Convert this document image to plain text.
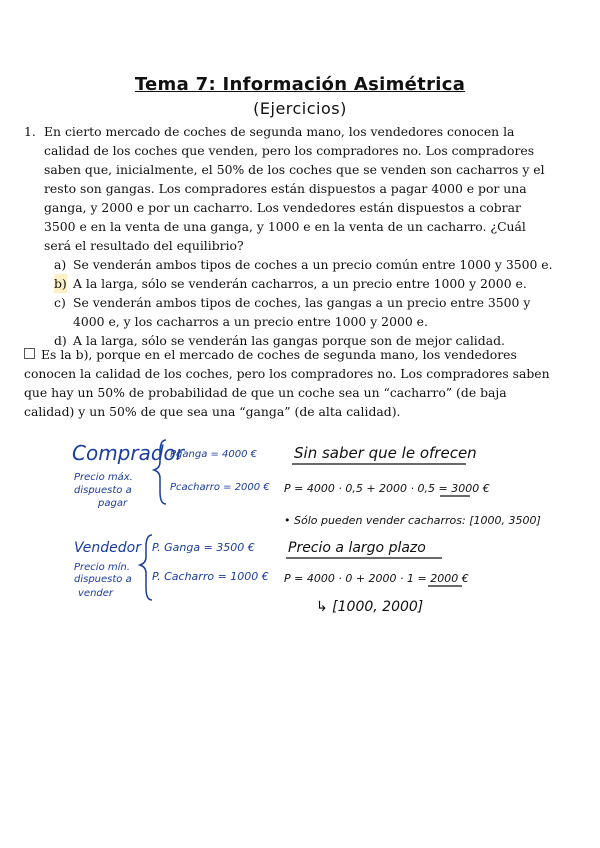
Tema 7: Información Asimétrica
(Ejercicios)
1. En cierto mercado de coches de segunda mano, los vendedores conocen la calidad de los coches que venden, pero los compradores no. Los compradores saben que, inicialmente, el 50% de los coches que se venden son cacharros y el resto son gangas. Los compradores están dispuestos a pagar 4000 e por una ganga, y 2000 e por un cacharro. Los vendedores están dispuestos a cobrar 3500 e en la venta de una ganga, y 1000 e en la venta de un cacharro. ¿Cuál será el resultado del equilibrio?
a) Se venderán ambos tipos de coches a un precio común entre 1000 y 3500 e.
b) A la larga, sólo se venderán cacharros, a un precio entre 1000 y 2000 e.
c) Se venderán ambos tipos de coches, las gangas a un precio entre 3500 y 4000 e, y los cacharros a un precio entre 1000 y 2000 e.
d) A la larga, sólo se venderán las gangas porque son de mejor calidad.
Es la b), porque en el mercado de coches de segunda mano, los vendedores conocen la calidad de los coches, pero los compradores no. Los compradores saben que hay un 50% de probabilidad de que un coche sea un “cacharro” (de baja calidad) y un 50% de que sea una “ganga” (de alta calidad).
Comprador
Precio máx.
dispuesto a
pagar
Pganga = 4000 €
Pcacharro = 2000 €
Vendedor
Precio mín.
dispuesto a
vender
P. Ganga = 3500 €
P. Cacharro = 1000 €
Sin saber que le ofrecen
P = 4000 · 0,5 + 2000 · 0,5 = 3000 €
• Sólo pueden vender cacharros: [1000, 3500]
Precio a largo plazo
P = 4000 · 0 + 2000 · 1 = 2000 €
↳ [1000, 2000]
